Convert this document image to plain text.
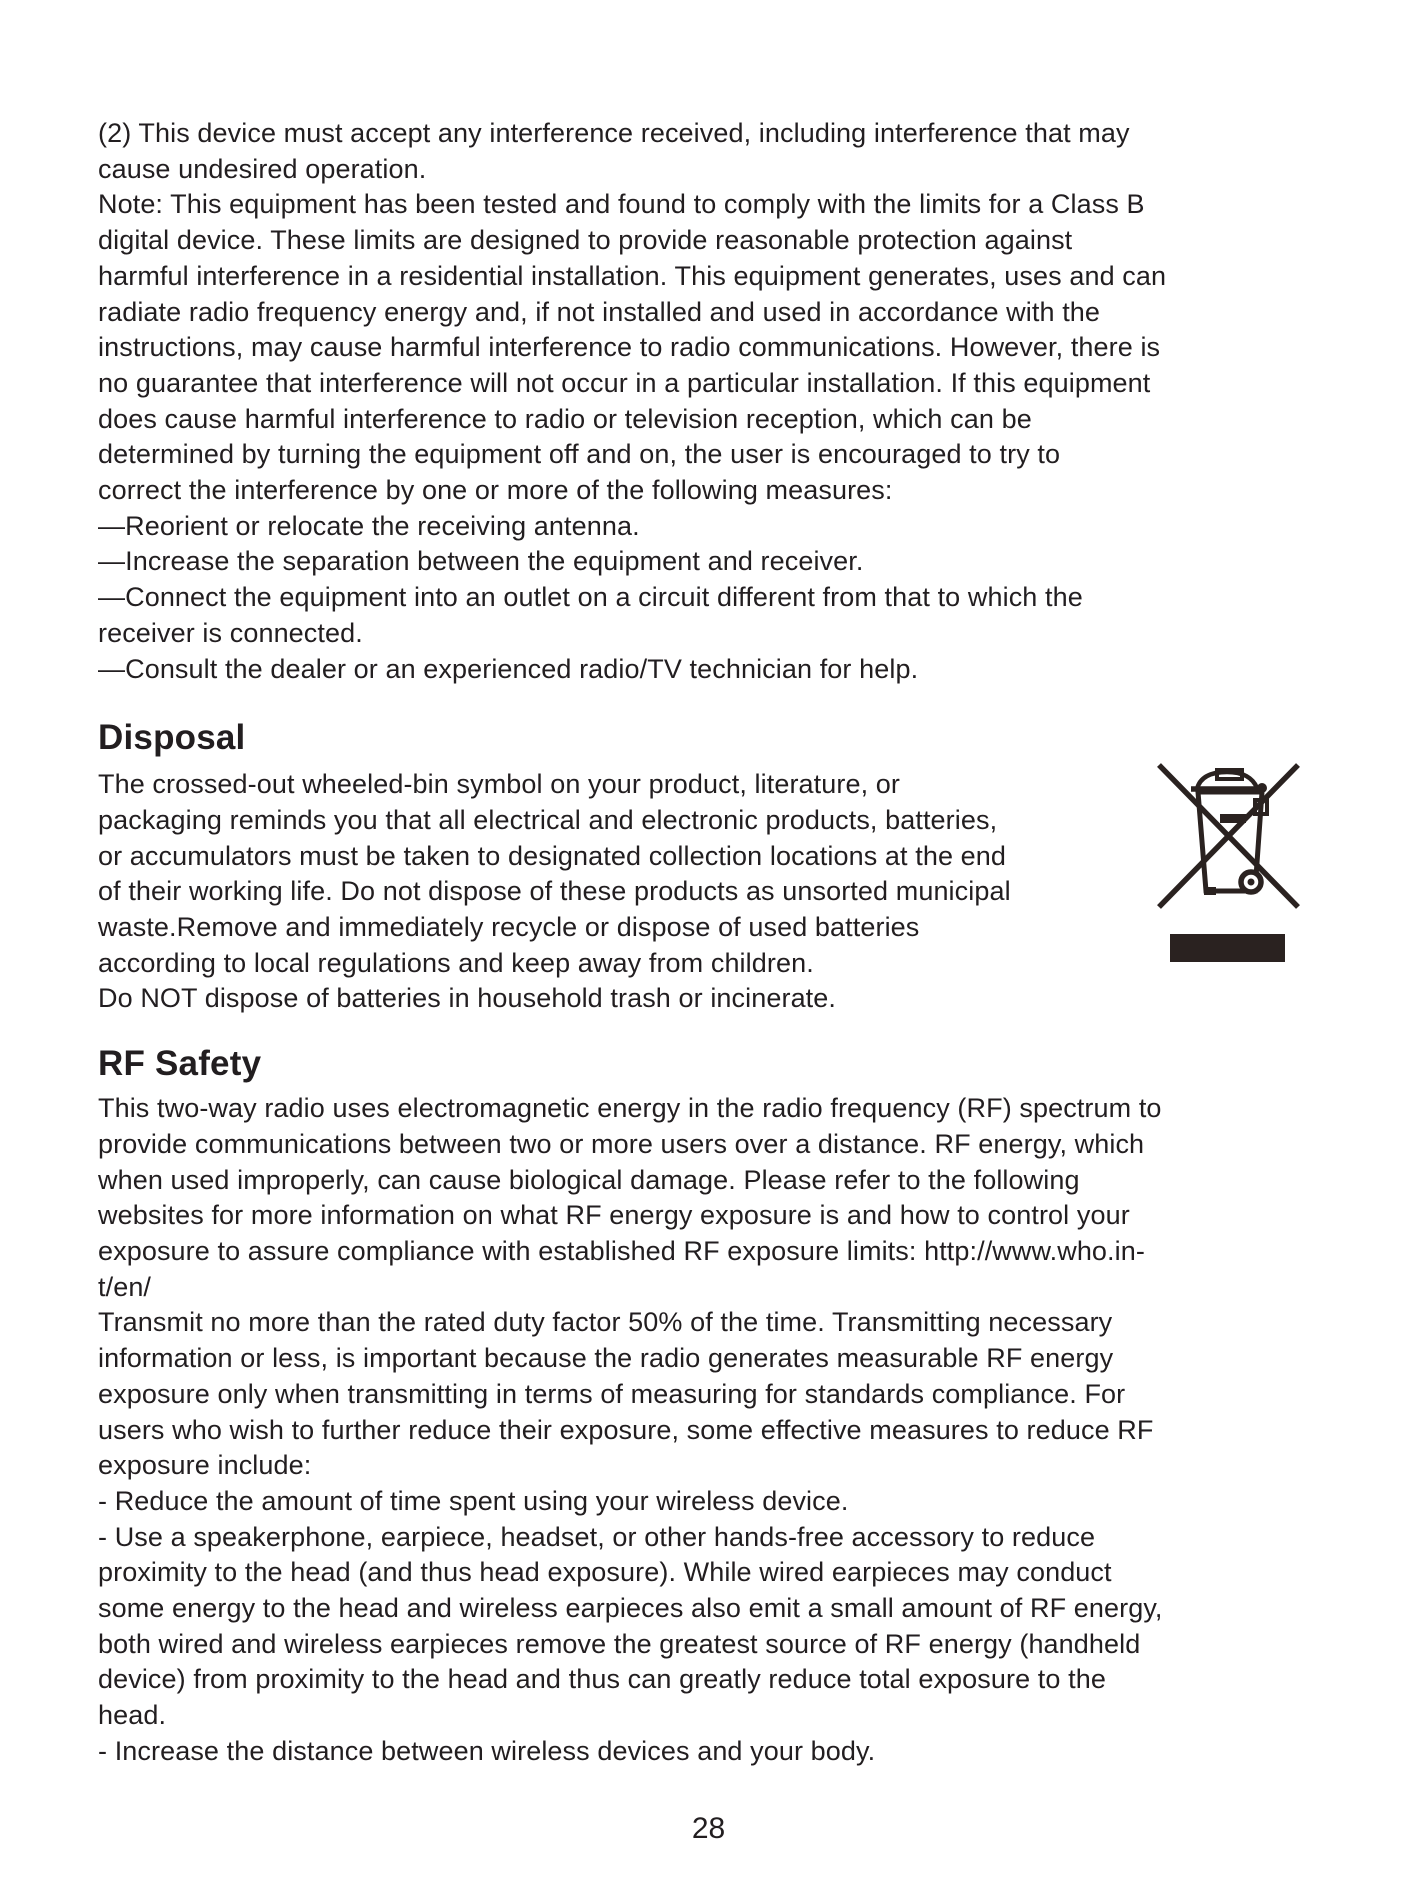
(2) This device must accept any interference received, including interference that may
cause undesired operation.
Note: This equipment has been tested and found to comply with the limits for a Class B
digital device. These limits are designed to provide reasonable protection against
harmful interference in a residential installation. This equipment generates, uses and can
radiate radio frequency energy and, if not installed and used in accordance with the
instructions, may cause harmful interference to radio communications. However, there is
no guarantee that interference will not occur in a particular installation. If this equipment
does cause harmful interference to radio or television reception, which can be
determined by turning the equipment off and on, the user is encouraged to try to
correct the interference by one or more of the following measures:
—Reorient or relocate the receiving antenna.
—Increase the separation between the equipment and receiver.
—Connect the equipment into an outlet on a circuit different from that to which the
receiver is connected.
—Consult the dealer or an experienced radio/TV technician for help.
Disposal
The crossed-out wheeled-bin symbol on your product, literature, or
packaging reminds you that all electrical and electronic products, batteries,
or accumulators must be taken to designated collection locations at the end
of their working life. Do not dispose of these products as unsorted municipal
waste.Remove and immediately recycle or dispose of used batteries
according to local regulations and keep away from children.
Do NOT dispose of batteries in household trash or incinerate.
RF Safety
This two-way radio uses electromagnetic energy in the radio frequency (RF) spectrum to
provide communications between two or more users over a distance. RF energy, which
when used improperly, can cause biological damage. Please refer to the following
websites for more information on what RF energy exposure is and how to control your
exposure to assure compliance with established RF exposure limits: http://www.who.in-
t/en/
Transmit no more than the rated duty factor 50% of the time. Transmitting necessary
information or less, is important because the radio generates measurable RF energy
exposure only when transmitting in terms of measuring for standards compliance. For
users who wish to further reduce their exposure, some effective measures to reduce RF
exposure include:
- Reduce the amount of time spent using your wireless device.
- Use a speakerphone, earpiece, headset, or other hands-free accessory to reduce
proximity to the head (and thus head exposure). While wired earpieces may conduct
some energy to the head and wireless earpieces also emit a small amount of RF energy,
both wired and wireless earpieces remove the greatest source of RF energy (handheld
device) from proximity to the head and thus can greatly reduce total exposure to the
head.
- Increase the distance between wireless devices and your body.
28
